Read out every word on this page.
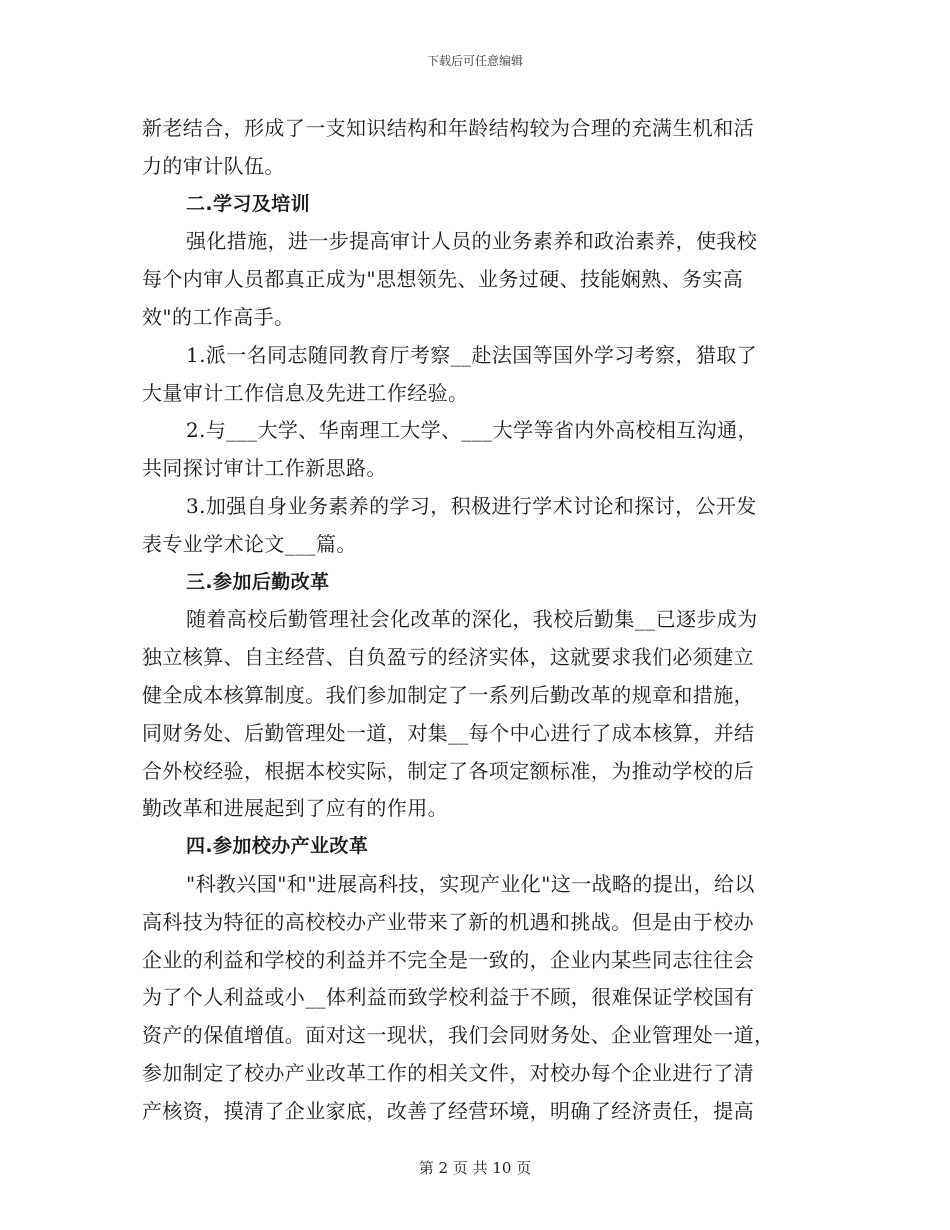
下载后可任意编辑
新老结合，形成了一支知识结构和年龄结构较为合理的充满生机和活
力的审计队伍。
二.学习及培训
强化措施，进一步提高审计人员的业务素养和政治素养，使我校
每个内审人员都真正成为"思想领先、业务过硬、技能娴熟、务实高
效"的工作高手。
1.派一名同志随同教育厅考察__赴法国等国外学习考察，猎取了
大量审计工作信息及先进工作经验。
2.与___大学、华南理工大学、___大学等省内外高校相互沟通，
共同探讨审计工作新思路。
3.加强自身业务素养的学习，积极进行学术讨论和探讨，公开发
表专业学术论文___篇。
三.参加后勤改革
随着高校后勤管理社会化改革的深化，我校后勤集__已逐步成为
独立核算、自主经营、自负盈亏的经济实体，这就要求我们必须建立
健全成本核算制度。我们参加制定了一系列后勤改革的规章和措施，
同财务处、后勤管理处一道，对集__每个中心进行了成本核算，并结
合外校经验，根据本校实际，制定了各项定额标准，为推动学校的后
勤改革和进展起到了应有的作用。
四.参加校办产业改革
"科教兴国"和"进展高科技，实现产业化"这一战略的提出，给以
高科技为特征的高校校办产业带来了新的机遇和挑战。但是由于校办
企业的利益和学校的利益并不完全是一致的，企业内某些同志往往会
为了个人利益或小__体利益而致学校利益于不顾，很难保证学校国有
资产的保值增值。面对这一现状，我们会同财务处、企业管理处一道，
参加制定了校办产业改革工作的相关文件，对校办每个企业进行了清
产核资，摸清了企业家底，改善了经营环境，明确了经济责任，提高
第 2 页 共 10 页
